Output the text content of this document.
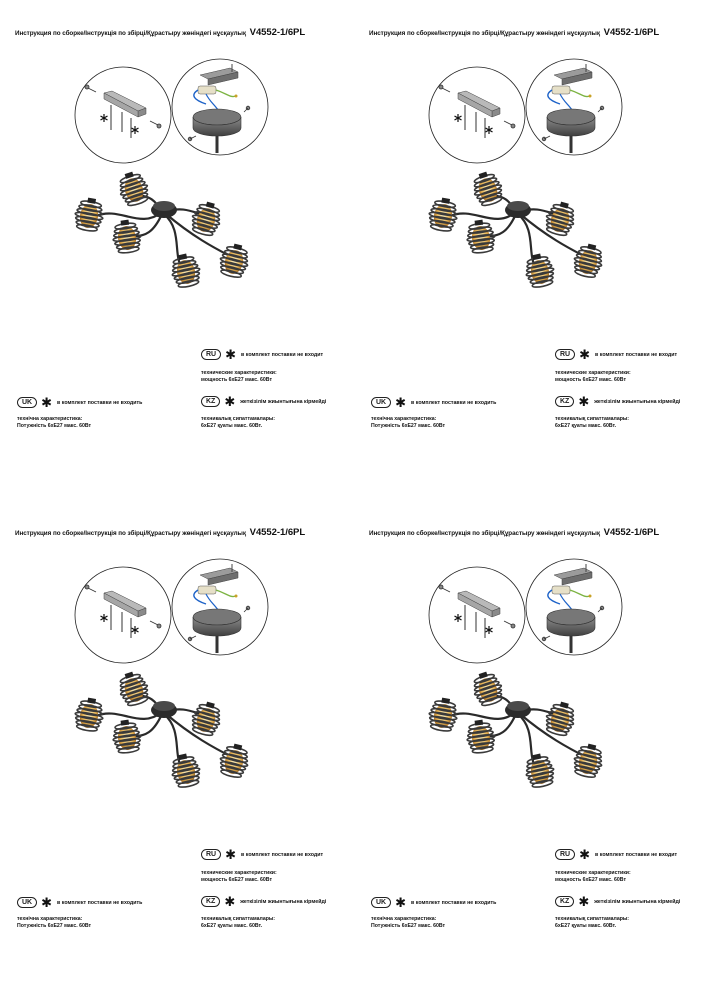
Инструкция по сборке/Інструкція по збірці/Құрастыру жөніндегі нұсқаулық V4552-1/6PL
RU ✱ в комплект поставки не входит
технические характеристики:
мощность 6хЕ27 макс. 60Вт
UK ✱ в комплект поставки не входить
технічна характеристика:
Потужність 6хЕ27 макс. 60Вт
KZ ✱ жеткізілім жиынтығына кірмейді
техникалық сипаттамалары:
6хЕ27 қуаты макс. 60Вт.
Инструкция по сборке/Інструкція по збірці/Құрастыру жөніндегі нұсқаулық V4552-1/6PL
RU ✱ в комплект поставки не входит
технические характеристики:
мощность 6хЕ27 макс. 60Вт
UK ✱ в комплект поставки не входить
технічна характеристика:
Потужність 6хЕ27 макс. 60Вт
KZ ✱ жеткізілім жиынтығына кірмейді
техникалық сипаттамалары:
6хЕ27 қуаты макс. 60Вт.
Инструкция по сборке/Інструкція по збірці/Құрастыру жөніндегі нұсқаулық V4552-1/6PL
RU ✱ в комплект поставки не входит
технические характеристики:
мощность 6хЕ27 макс. 60Вт
UK ✱ в комплект поставки не входить
технічна характеристика:
Потужність 6хЕ27 макс. 60Вт
KZ ✱ жеткізілім жиынтығына кірмейді
техникалық сипаттамалары:
6хЕ27 қуаты макс. 60Вт.
Инструкция по сборке/Інструкція по збірці/Құрастыру жөніндегі нұсқаулық V4552-1/6PL
RU ✱ в комплект поставки не входит
технические характеристики:
мощность 6хЕ27 макс. 60Вт
UK ✱ в комплект поставки не входить
технічна характеристика:
Потужність 6хЕ27 макс. 60Вт
KZ ✱ жеткізілім жиынтығына кірмейді
техникалық сипаттамалары:
6хЕ27 қуаты макс. 60Вт.
